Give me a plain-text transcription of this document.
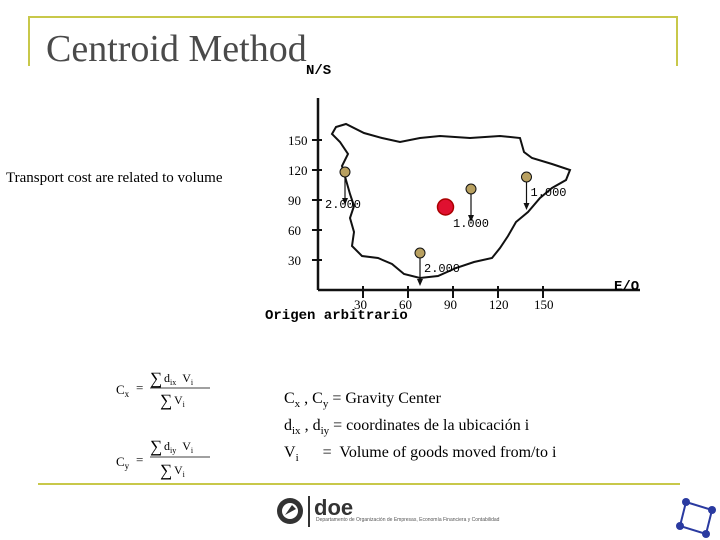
Centroid Method
Transport cost are related to volume
150
120
90
60
30
30 60 90 120 150
2.000
1.000
1.000
2.000
N/S
E/O
Origen arbitrario
$C_x$ = ∑ $d_{ix}$ $V_i$
∑ $V_i$
$C_y$ =
∑ $d_{iy}$ $V_i$
∑ $V_i$
$C_x$ , $C_y$ = Gravity Center
$d_{ix}$ , $d_{iy}$ = coordinates de la ubicación i
$V_i$      =  Volume of goods moved from/to i
doe
Departamento de Organización de Empresas, Economía Financiera y Contabilidad
